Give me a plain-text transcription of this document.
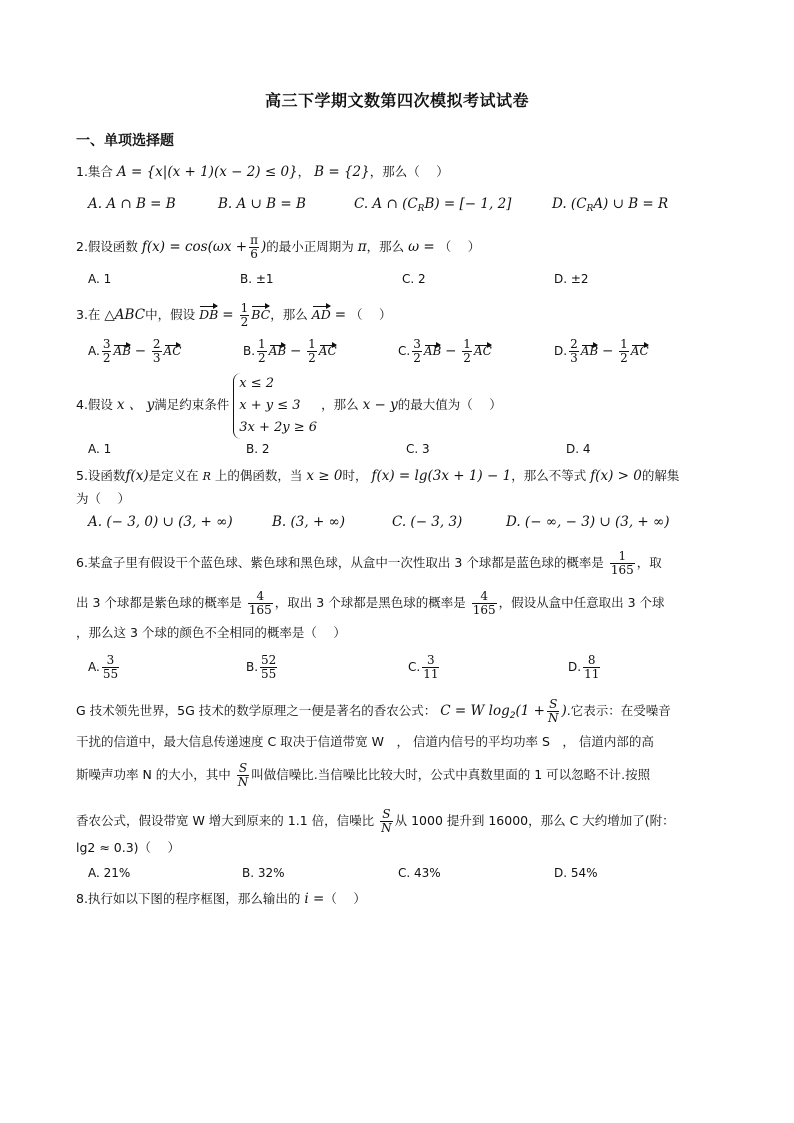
高三下学期文数第四次模拟考试试卷
一、单项选择题
1.集合 A = {x|(x + 1)(x − 2) ≤ 0}， B = {2}，那么（　 ）
A. A ∩ B = B	B. A ∪ B = B	C. A ∩ $(C_RB)$ = [− 1, 2]	D. $(C_RA)$ ∪ B = R
2.假设函数 $f(x) = \cos(\omega x + \frac{\pi}{6}$ )的最小正周期为 π，那么 ω = （　 ）
A. 1	B. ±1	C. 2	D. ±2
3.在 △ABC中，假设 DB = $\frac{1}{2}$ BC，那么 AD = （　 ）
A. $\frac{3}{2}$ AB − $\frac{2}{3}$ AC	B. $\frac{1}{2}$ AB − $\frac{1}{2}$ AC	C. $\frac{3}{2}$ AB − $\frac{1}{2}$ AC	D. $\frac{2}{3}$ AB − $\frac{1}{2}$ AC
4.假设 x 、 y满足约束条件
x ≤ 2
x + y ≤ 3
3x + 2y ≥ 6
，那么 x − y的最大值为（　 ）
A. 1	B. 2	C. 3	D. 4
5.设函数f(x)是定义在 R 上的偶函数，当 x ≥ 0时， f(x) = lg(3x + 1) − 1，那么不等式 f(x) > 0的解集
为（　 ）
A. (− 3, 0) ∪ (3, + ∞)	B. (3, + ∞)	C. (− 3, 3)	D. (− ∞, − 3) ∪ (3, + ∞)
6.某盒子里有假设干个蓝色球、紫色球和黑色球，从盒中一次性取出 3 个球都是蓝色球的概率是 $\frac{1}{165}$ ，取
出 3 个球都是紫色球的概率是 $\frac{4}{165}$ ，取出 3 个球都是黑色球的概率是 $\frac{4}{165}$ ，假设从盒中任意取出 3 个球
，那么这 3 个球的颜色不全相同的概率是（　 ）
A. $\frac{3}{55}$	B. $\frac{52}{55}$	C. $\frac{3}{11}$	D. $\frac{8}{11}$
G 技术领先世界，5G 技术的数学原理之一便是著名的香农公式： C = W $\log_2(1 + \frac{S}{N}$ ).它表示：在受噪音
干扰的信道中，最大信息传递速度 C 取决于信道带宽 W　， 信道内信号的平均功率 S　， 信道内部的高
斯噪声功率 N 的大小，其中 $\frac{S}{N}$ 叫做信噪比.当信噪比比较大时，公式中真数里面的 1 可以忽略不计.按照
香农公式，假设带宽 W 增大到原来的 1.1 倍，信噪比 $\frac{S}{N}$ 从 1000 提升到 16000，那么 C 大约增加了(附：
lg2 ≈ 0.3)（　 ）
A. 21%	B. 32%	C. 43%	D. 54%
8.执行如以下图的程序框图，那么输出的 i =（　 ）
